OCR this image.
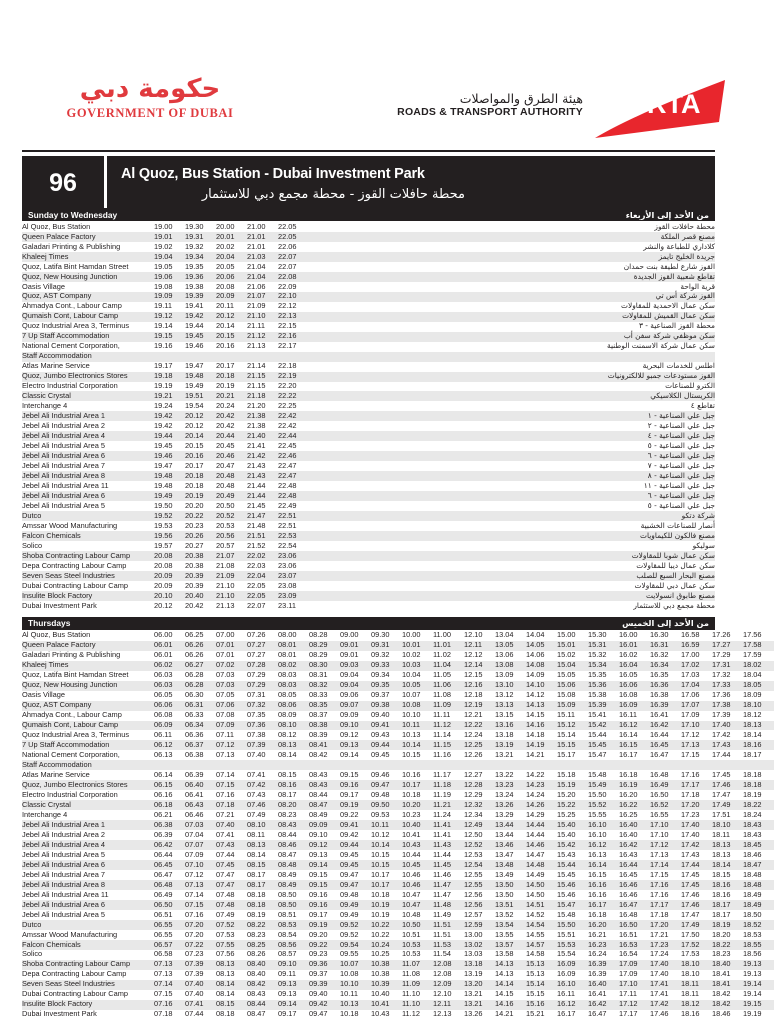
حكومة دبي
GOVERNMENT OF DUBAI
هيئة الطرق والمواصلات
ROADS & TRANSPORT AUTHORITY RTA
96	Al Quoz, Bus Station - Dubai Investment Park
محطة حافلات القوز - محطة مجمع دبي للاستثمار
Sunday to Wednesday	من الأحد إلى الأربعاء
Al Quoz, Bus Station	19.00	19.30	20.00	21.00	22.05	محطة حافلات القوز
Queen Palace Factory	19.01	19.31	20.01	21.01	22.05	مصنع قصر الملكة
Galadari Printing & Publishing	19.02	19.32	20.02	21.01	22.06	كلاداري للطباعة والنشر
Khaleej Times	19.04	19.34	20.04	21.03	22.07	جريدة الخليج تايمز
Quoz, Latifa Bint Hamdan Street	19.05	19.35	20.05	21.04	22.07	القوز شارع لطيفة بنت حمدان
Quoz, New Housing Junction	19.06	19.36	20.06	21.04	22.08	تقاطع شعبية القوز الجديدة
Oasis Village	19.08	19.38	20.08	21.06	22.09	قرية الواحة
Quoz, AST Company	19.09	19.39	20.09	21.07	22.10	القوز شركة أس تي
Ahmadya Cont., Labour Camp	19.11	19.41	20.11	21.09	22.12	سكن عمال الاحمدية للمقاولات
Qumaish Cont, Labour Camp	19.12	19.42	20.12	21.10	22.13	سكن عمال القميش للمقاولات
Quoz Industrial Area 3, Terminus	19.14	19.44	20.14	21.11	22.15	محطة القوز الصناعية - ٣
7 Up Staff Accommodation	19.15	19.45	20.15	21.12	22.16	سكن موظفي شركة سفن أب
National Cement Corporation,	19.16	19.46	20.16	21.13	22.17	سكن عمال شركة الاسمنت الوطنية
Staff Accommodation						
Atlas Marine Service	19.17	19.47	20.17	21.14	22.18	اطلس للخدمات البحرية
Quoz, Jumbo Electronics Stores	19.18	19.48	20.18	21.15	22.19	القوز مستودعات جمبو للالكترونيات
Electro Industrial Corporation	19.19	19.49	20.19	21.15	22.20	الكترو للصناعات
Classic Crystal	19.21	19.51	20.21	21.18	22.22	الكريستال الكلاسيكي
Interchange 4	19.24	19.54	20.24	21.20	22.25	تقاطع ٤
Jebel Ali Industrial Area 1	19.42	20.12	20.42	21.38	22.42	جبل علي الصناعية - ١
Jebel Ali Industrial Area 2	19.42	20.12	20.42	21.38	22.42	جبل علي الصناعية - ٢
Jebel Ali Industrial Area 4	19.44	20.14	20.44	21.40	22.44	جبل علي الصناعية - ٤
Jebel Ali Industrial Area 5	19.45	20.15	20.45	21.41	22.45	جبل علي الصناعية - ٥
Jebel Ali Industrial Area 6	19.46	20.16	20.46	21.42	22.46	جبل علي الصناعية - ٦
Jebel Ali Industrial Area 7	19.47	20.17	20.47	21.43	22.47	جبل علي الصناعية - ٧
Jebel Ali Industrial Area 8	19.48	20.18	20.48	21.43	22.47	جبل علي الصناعية - ٨
Jebel Ali Industrial Area 11	19.48	20.18	20.48	21.44	22.48	جبل علي الصناعية - ١١
Jebel Ali Industrial Area 6	19.49	20.19	20.49	21.44	22.48	جبل علي الصناعية - ٦
Jebel Ali Industrial Area 5	19.50	20.20	20.50	21.45	22.49	جبل علي الصناعية - ٥
Dutco	19.52	20.22	20.52	21.47	22.51	شركة دتكو
Amssar Wood Manufacturing	19.53	20.23	20.53	21.48	22.51	أنصار للصناعات الخشبية
Falcon Chemicals	19.56	20.26	20.56	21.51	22.53	مصنع فالكون للكيماويات
Solico	19.57	20.27	20.57	21.52	22.54	سوليكو
Shoba Contracting Labour Camp	20.08	20.38	21.07	22.02	23.06	سكن عمال شوبا للمقاولات
Depa Contracting Labour Camp	20.08	20.38	21.08	22.03	23.06	سكن عمال ديبا للمقاولات
Seven Seas Steel Industries	20.09	20.39	21.09	22.04	23.07	مصنع البحار السبع للصلب
Dubai Contracting Labour Camp	20.09	20.39	21.10	22.05	23.08	سكن عمال دبي للمقاولات
Insulite Block Factory	20.10	20.40	21.10	22.05	23.09	مصنع طابوق انسولايت
Dubai Investment Park	20.12	20.42	21.13	22.07	23.11	محطة مجمع دبي للاستثمار
Thursdays	من الأحد إلى الخميس
Al Quoz, Bus Station	06.00	06.25	07.00	07.26	08.00	08.28	09.00	09.30	10.00	11.00	12.10	13.04	14.04	15.00	15.30	16.00	16.30	16.58	17.26	17.56	
Queen Palace Factory	06.01	06.26	07.01	07.27	08.01	08.29	09.01	09.31	10.01	11.01	12.11	13.05	14.05	15.01	15.31	16.01	16.31	16.59	17.27	17.58	
Galadari Printing & Publishing	06.01	06.26	07.01	07.27	08.01	08.29	09.01	09.32	10.02	11.02	12.12	13.06	14.06	15.02	15.32	16.02	16.32	17.00	17.29	17.59	
Khaleej Times	06.02	06.27	07.02	07.28	08.02	08.30	09.03	09.33	10.03	11.04	12.14	13.08	14.08	15.04	15.34	16.04	16.34	17.02	17.31	18.02	
Quoz, Latifa Bint Hamdan Street	06.03	06.28	07.03	07.29	08.03	08.31	09.04	09.34	10.04	11.05	12.15	13.09	14.09	15.05	15.35	16.05	16.35	17.03	17.32	18.04	
Quoz, New Housing Junction	06.03	06.28	07.03	07.29	08.03	08.32	09.04	09.35	10.05	11.06	12.16	13.10	14.10	15.06	15.36	16.06	16.36	17.04	17.33	18.05	
Oasis Village	06.05	06.30	07.05	07.31	08.05	08.33	09.06	09.37	10.07	11.08	12.18	13.12	14.12	15.08	15.38	16.08	16.38	17.06	17.36	18.09	
Quoz, AST Company	06.06	06.31	07.06	07.32	08.06	08.35	09.07	09.38	10.08	11.09	12.19	13.13	14.13	15.09	15.39	16.09	16.39	17.07	17.38	18.10	
Ahmadya Cont., Labour Camp	06.08	06.33	07.08	07.35	08.09	08.37	09.09	09.40	10.10	11.11	12.21	13.15	14.15	15.11	15.41	16.11	16.41	17.09	17.39	18.12	
Qumaish Cont, Labour Camp	06.09	06.34	07.09	07.36	08.10	08.38	09.10	09.41	10.11	11.12	12.22	13.16	14.16	15.12	15.42	16.12	16.42	17.10	17.40	18.13	
Quoz Industrial Area 3, Terminus	06.11	06.36	07.11	07.38	08.12	08.39	09.12	09.43	10.13	11.14	12.24	13.18	14.18	15.14	15.44	16.14	16.44	17.12	17.42	18.14	
7 Up Staff Accommodation	06.12	06.37	07.12	07.39	08.13	08.41	09.13	09.44	10.14	11.15	12.25	13.19	14.19	15.15	15.45	16.15	16.45	17.13	17.43	18.16	
National Cement Corporation,	06.13	06.38	07.13	07.40	08.14	08.42	09.14	09.45	10.15	11.16	12.26	13.21	14.21	15.17	15.47	16.17	16.47	17.15	17.44	18.17	
Staff Accommodation																					
Atlas Marine Service	06.14	06.39	07.14	07.41	08.15	08.43	09.15	09.46	10.16	11.17	12.27	13.22	14.22	15.18	15.48	16.18	16.48	17.16	17.45	18.18	
Quoz, Jumbo Electronics Stores	06.15	06.40	07.15	07.42	08.16	08.43	09.16	09.47	10.17	11.18	12.28	13.23	14.23	15.19	15.49	16.19	16.49	17.17	17.46	18.18	
Electro Industrial Corporation	06.16	06.41	07.16	07.43	08.17	08.44	09.17	09.48	10.18	11.19	12.29	13.24	14.24	15.20	15.50	16.20	16.50	17.18	17.47	18.19	
Classic Crystal	06.18	06.43	07.18	07.46	08.20	08.47	09.19	09.50	10.20	11.21	12.32	13.26	14.26	15.22	15.52	16.22	16.52	17.20	17.49	18.22	
Interchange 4	06.21	06.46	07.21	07.49	08.23	08.49	09.22	09.53	10.23	11.24	12.34	13.29	14.29	15.25	15.55	16.25	16.55	17.23	17.51	18.24	
Jebel Ali Industrial Area 1	06.38	07.03	07.40	08.10	08.43	09.09	09.41	10.11	10.40	11.41	12.49	13.44	14.44	15.40	16.10	16.40	17.10	17.40	18.10	18.43	
Jebel Ali Industrial Area 2	06.39	07.04	07.41	08.11	08.44	09.10	09.42	10.12	10.41	11.41	12.50	13.44	14.44	15.40	16.10	16.40	17.10	17.40	18.11	18.43	
Jebel Ali Industrial Area 4	06.42	07.07	07.43	08.13	08.46	09.12	09.44	10.14	10.43	11.43	12.52	13.46	14.46	15.42	16.12	16.42	17.12	17.42	18.13	18.45	
Jebel Ali Industrial Area 5	06.44	07.09	07.44	08.14	08.47	09.13	09.45	10.15	10.44	11.44	12.53	13.47	14.47	15.43	16.13	16.43	17.13	17.43	18.13	18.46	
Jebel Ali Industrial Area 6	06.45	07.10	07.45	08.15	08.48	09.14	09.45	10.15	10.45	11.45	12.54	13.48	14.48	15.44	16.14	16.44	17.14	17.44	18.14	18.47	
Jebel Ali Industrial Area 7	06.47	07.12	07.47	08.17	08.49	09.15	09.47	10.17	10.46	11.46	12.55	13.49	14.49	15.45	16.15	16.45	17.15	17.45	18.15	18.48	
Jebel Ali Industrial Area 8	06.48	07.13	07.47	08.17	08.49	09.15	09.47	10.17	10.46	11.47	12.55	13.50	14.50	15.46	16.16	16.46	17.16	17.45	18.16	18.48	
Jebel Ali Industrial Area 11	06.49	07.14	07.48	08.18	08.50	09.16	09.48	10.18	10.47	11.47	12.56	13.50	14.50	15.46	16.16	16.46	17.16	17.46	18.16	18.49	
Jebel Ali Industrial Area 6	06.50	07.15	07.48	08.18	08.50	09.16	09.49	10.19	10.47	11.48	12.56	13.51	14.51	15.47	16.17	16.47	17.17	17.46	18.17	18.49	
Jebel Ali Industrial Area 5	06.51	07.16	07.49	08.19	08.51	09.17	09.49	10.19	10.48	11.49	12.57	13.52	14.52	15.48	16.18	16.48	17.18	17.47	18.17	18.50	
Dutco	06.55	07.20	07.52	08.22	08.53	09.19	09.52	10.22	10.50	11.51	12.59	13.54	14.54	15.50	16.20	16.50	17.20	17.49	18.19	18.52	
Amssar Wood Manufacturing	06.55	07.20	07.53	08.23	08.54	09.20	09.52	10.22	10.51	11.51	13.00	13.55	14.55	15.51	16.21	16.51	17.21	17.50	18.20	18.53	
Falcon Chemicals	06.57	07.22	07.55	08.25	08.56	09.22	09.54	10.24	10.53	11.53	13.02	13.57	14.57	15.53	16.23	16.53	17.23	17.52	18.22	18.55	
Solico	06.58	07.23	07.56	08.26	08.57	09.23	09.55	10.25	10.53	11.54	13.03	13.58	14.58	15.54	16.24	16.54	17.24	17.53	18.23	18.56	
Shoba Contracting Labour Camp	07.13	07.39	08.13	08.40	09.10	09.36	10.07	10.38	11.07	12.08	13.18	14.13	15.13	16.09	16.39	17.09	17.40	18.10	18.40	19.13	
Depa Contracting Labour Camp	07.13	07.39	08.13	08.40	09.11	09.37	10.08	10.38	11.08	12.08	13.19	14.13	15.13	16.09	16.39	17.09	17.40	18.10	18.41	19.13	
Seven Seas Steel Industries	07.14	07.40	08.14	08.42	09.13	09.39	10.10	10.39	11.09	12.09	13.20	14.14	15.14	16.10	16.40	17.10	17.41	18.11	18.41	19.14	
Dubai Contracting Labour Camp	07.15	07.40	08.14	08.43	09.13	09.40	10.11	10.40	11.10	12.10	13.21	14.15	15.15	16.11	16.41	17.11	17.41	18.11	18.42	19.14	
Insulite Block Factory	07.16	07.41	08.15	08.44	09.14	09.42	10.13	10.41	11.10	12.11	13.21	14.16	15.16	16.12	16.42	17.12	17.42	18.12	18.42	19.15	
Dubai Investment Park	07.18	07.44	08.18	08.47	09.17	09.47	10.18	10.43	11.12	12.13	13.26	14.21	15.21	16.17	16.47	17.17	17.46	18.16	18.46	19.19	
